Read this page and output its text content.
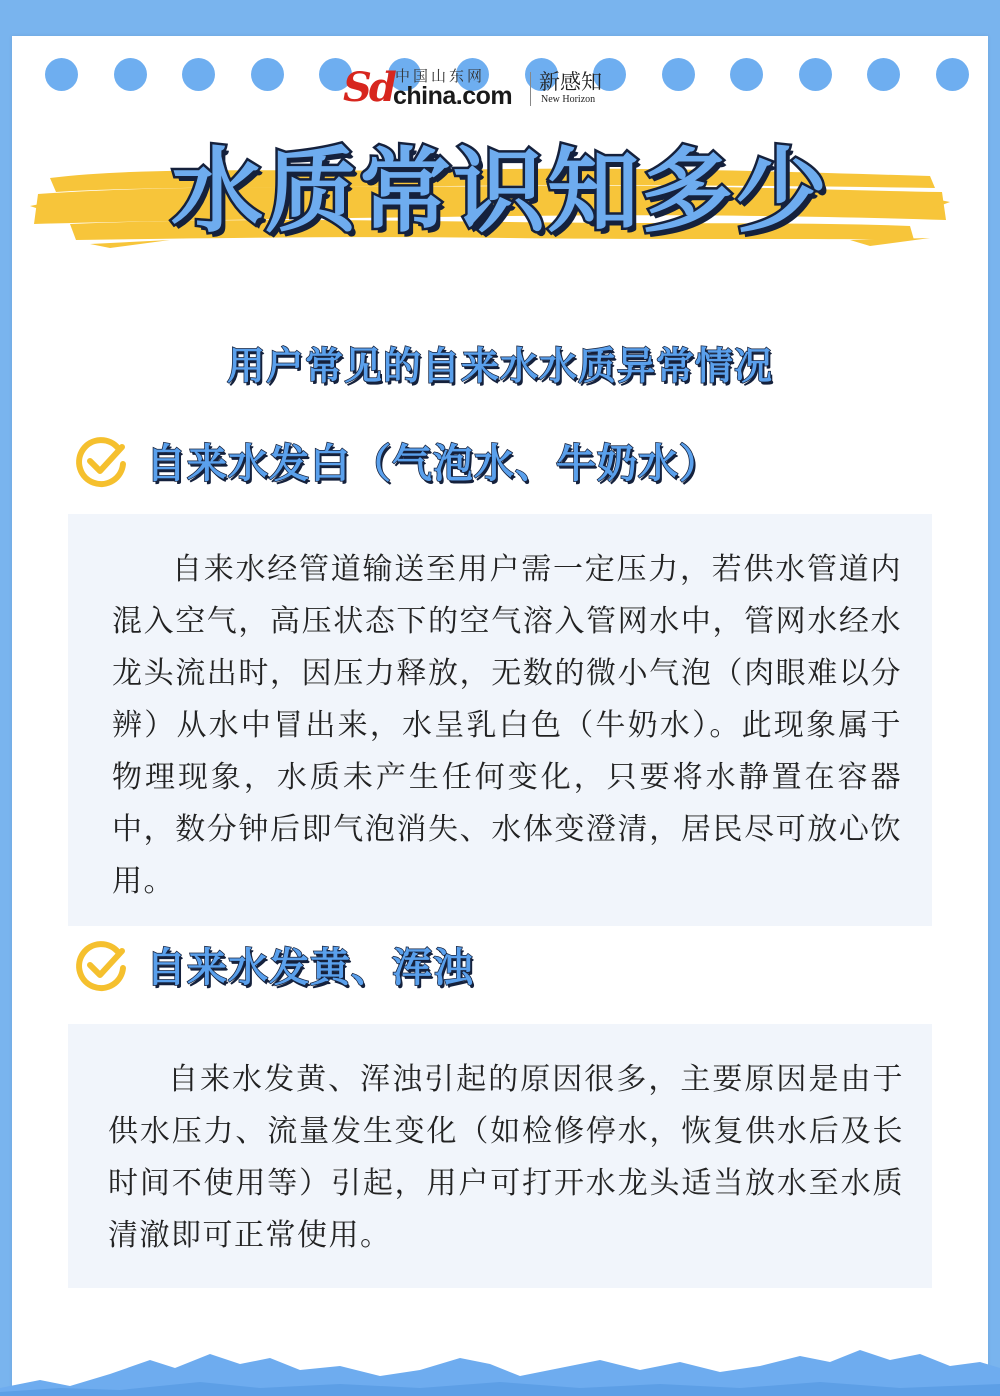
Sd 中国山东网
china.com 新感知
New Horizon
水质常识知多少
用户常见的自来水水质异常情况
自来水发白（气泡水、牛奶水）

自来水经管道输送至用户需一定压力，若供水管道内混入空气，高压状态下的空气溶入管网水中，管网水经水龙头流出时，因压力释放，无数的微小气泡（肉眼难以分辨）从水中冒出来，水呈乳白色（牛奶水）。此现象属于物理现象，水质未产生任何变化，只要将水静置在容器中，数分钟后即气泡消失、水体变澄清，居民尽可放心饮用。

自来水发黄、浑浊

自来水发黄、浑浊引起的原因很多，主要原因是由于供水压力、流量发生变化（如检修停水，恢复供水后及长时间不使用等）引起，用户可打开水龙头适当放水至水质清澈即可正常使用。
